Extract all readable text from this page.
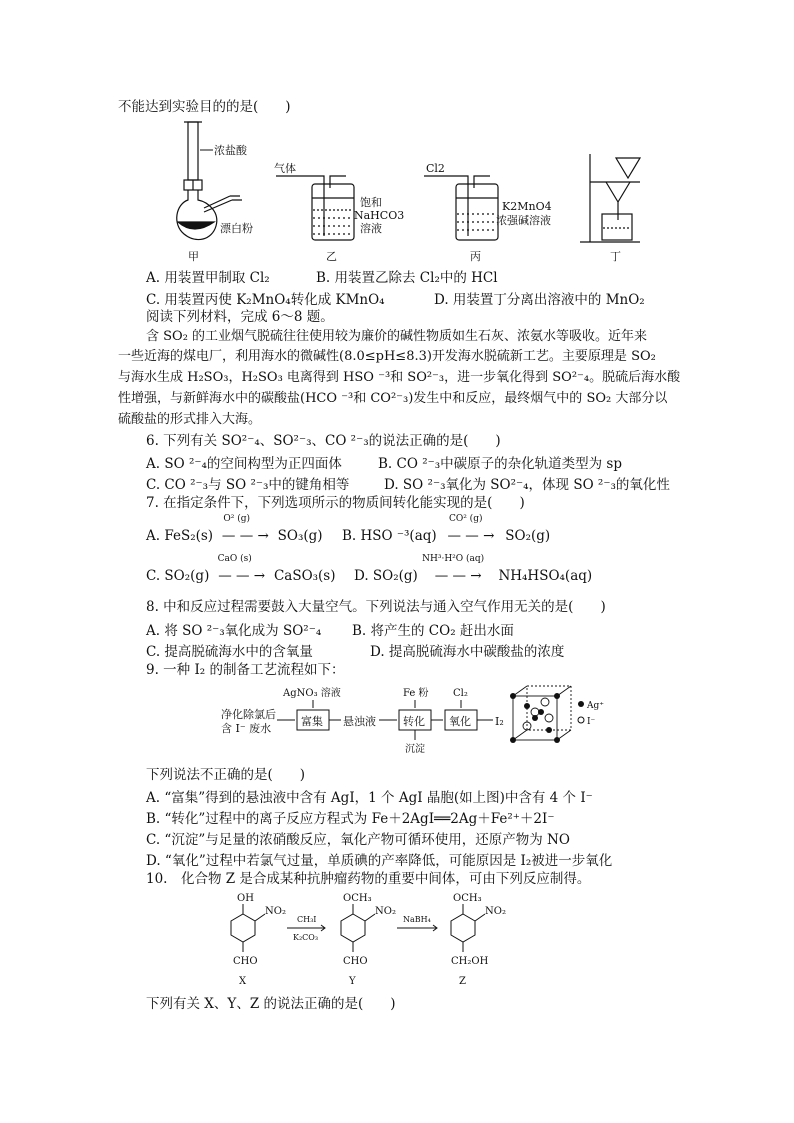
不能达到实验目的的是(　　)
浓盐酸
漂白粉
甲
气体
饱和
NaHCO3
溶液
乙
Cl2
K2MnO4
浓强碱溶液
丙	丁
A. 用装置甲制取 Cl₂	B. 用装置乙除去 Cl₂中的 HCl
C. 用装置丙使 K₂MnO₄转化成 KMnO₄	D. 用装置丁分离出溶液中的 MnO₂
阅读下列材料，完成 6～8 题。
含 SO₂ 的工业烟气脱硫往往使用较为廉价的碱性物质如生石灰、浓氨水等吸收。近年来
一些近海的煤电厂，利用海水的微碱性(8.0≤pH≤8.3)开发海水脱硫新工艺。主要原理是 SO₂
与海水生成 H₂SO₃，H₂SO₃ 电离得到 HSO ⁻³和 SO²⁻₃，进一步氧化得到 SO²⁻₄。脱硫后海水酸
性增强，与新鲜海水中的碳酸盐(HCO ⁻³和 CO²⁻₃)发生中和反应，最终烟气中的 SO₂ 大部分以
硫酸盐的形式排入大海。
6. 下列有关 SO²⁻₄、SO²⁻₃、CO ²⁻₃的说法正确的是(　　)
A. SO ²⁻₄的空间构型为正四面体	B. CO ²⁻₃中碳原子的杂化轨道类型为 sp
C. CO ²⁻₃与 SO ²⁻₃中的键角相等	D. SO ²⁻₃氧化为 SO²⁻₄，体现 SO ²⁻₃的氧化性
7. 在指定条件下，下列选项所示的物质间转化能实现的是(　　)
A. FeS₂(s)
O² (g)
— — → SO₃(g) B. HSO ⁻³(aq)
CO² (g)
— — → SO₂(g)
C. SO₂(g)
CaO (s)
— — → CaSO₃(s) D. SO₂(g)
NH³·H²O (aq)
— — → NH₄HSO₄(aq)
8. 中和反应过程需要鼓入大量空气。下列说法与通入空气作用无关的是(　　)
A. 将 SO ²⁻₃氧化成为 SO²⁻₄ B. 将产生的 CO₂ 赶出水面
C. 提高脱硫海水中的含氧量	D. 提高脱硫海水中碳酸盐的浓度
9. 一种 I₂ 的制备工艺流程如下：
净化除氯后
含 I⁻ 废水
AgNO₃ 溶液	Fe 粉 Cl₂
富集 悬浊液 转化 氧化 I₂
沉淀
Ag⁺
I⁻
下列说法不正确的是(　　)
A. “富集”得到的悬浊液中含有 AgI，1 个 AgI 晶胞(如上图)中含有 4 个 I⁻
B. “转化”过程中的离子反应方程式为 Fe＋2AgI══2Ag＋Fe²⁺＋2I⁻
C. “沉淀”与足量的浓硝酸反应，氧化产物可循环使用，还原产物为 NO
D. “氧化”过程中若氯气过量，单质碘的产率降低，可能原因是 I₂被进一步氧化
10.　化合物 Z 是合成某种抗肿瘤药物的重要中间体，可由下列反应制得。
OH
NO₂
CHO
X
OCH₃
NO₂
CHO
Y
OCH₃
NO₂
CH₂OH
Z
CH₃I
K₂CO₃
NaBH₄
下列有关 X、Y、Z 的说法正确的是(　　)
